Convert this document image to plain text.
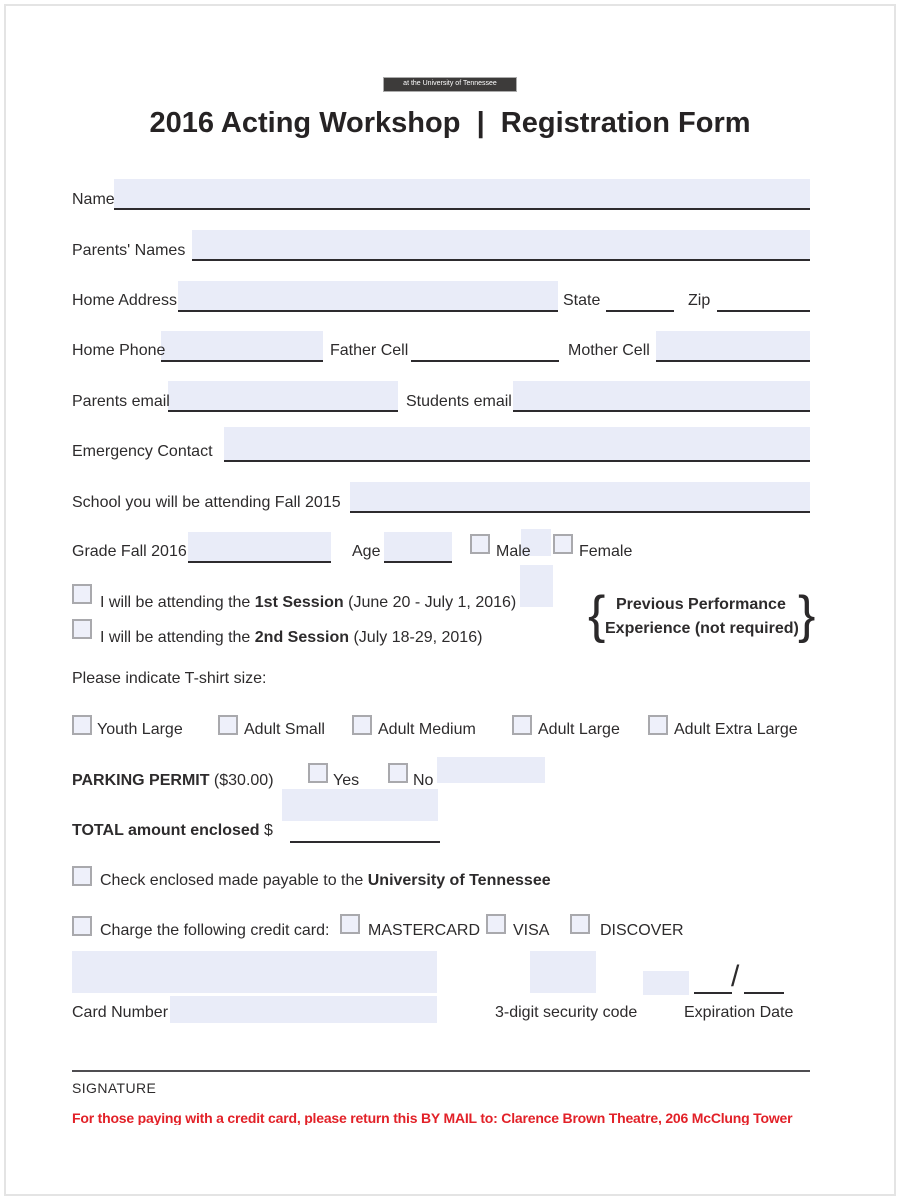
at the University of Tennessee
2016 Acting Workshop  |  Registration Form
Name
Parents' Names
Home Address	State	Zip
Home Phone	Father Cell	Mother Cell
Parents email	Students email
Emergency Contact
School you will be attending Fall 2015
Grade Fall 2016	Age	Male	Female
I will be attending the 1st Session (June 20 - July 1, 2016)
I will be attending the 2nd Session (July 18-29, 2016) { Previous Performance
Experience (not required) }
Please indicate T-shirt size:
Youth Large	Adult Small	Adult Medium	Adult Large	Adult Extra Large
PARKING PERMIT ($30.00)	Yes	No
TOTAL amount enclosed $
Check enclosed made payable to the University of Tennessee
Charge the following credit card: MASTERCARD VISA	DISCOVER
/
Card Number	3-digit security code	Expiration Date
SIGNATURE
For those paying with a credit card, please return this BY MAIL to: Clarence Brown Theatre, 206 McClung Tower
